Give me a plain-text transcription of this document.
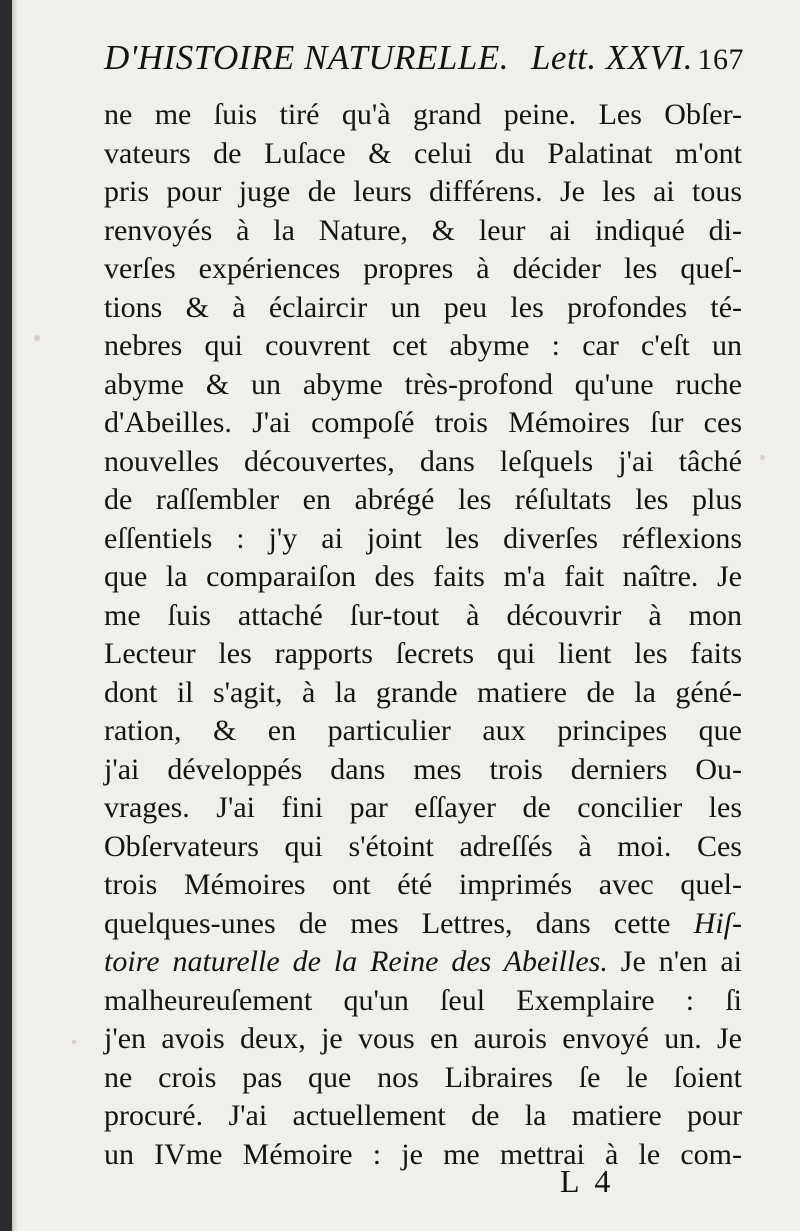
D'HISTOIRE NATURELLE. Lett. XXVI. 167
ne me ſuis tiré qu'à grand peine. Les Obſer-
vateurs de Luſace & celui du Palatinat m'ont
pris pour juge de leurs différens. Je les ai tous
renvoyés à la Nature, & leur ai indiqué di-
verſes expériences propres à décider les queſ-
tions & à éclaircir un peu les profondes té-
nebres qui couvrent cet abyme : car c'eſt un
abyme & un abyme très-profond qu'une ruche
d'Abeilles. J'ai compoſé trois Mémoires ſur ces
nouvelles découvertes, dans leſquels j'ai tâché
de raſſembler en abrégé les réſultats les plus
eſſentiels : j'y ai joint les diverſes réflexions
que la comparaiſon des faits m'a fait naître. Je
me ſuis attaché ſur-tout à découvrir à mon
Lecteur les rapports ſecrets qui lient les faits
dont il s'agit, à la grande matiere de la géné-
ration, & en particulier aux principes que
j'ai développés dans mes trois derniers Ou-
vrages. J'ai fini par eſſayer de concilier les
Obſervateurs qui s'étoint adreſſés à moi. Ces
trois Mémoires ont été imprimés avec quel-
quelques-unes de mes Lettres, dans cette Hiſ-
toire naturelle de la Reine des Abeilles. Je n'en ai
malheureuſement qu'un ſeul Exemplaire : ſi
j'en avois deux, je vous en aurois envoyé un. Je
ne crois pas que nos Libraires ſe le ſoient
procuré. J'ai actuellement de la matiere pour
un IVme Mémoire : je me mettrai à le com-
L 4
